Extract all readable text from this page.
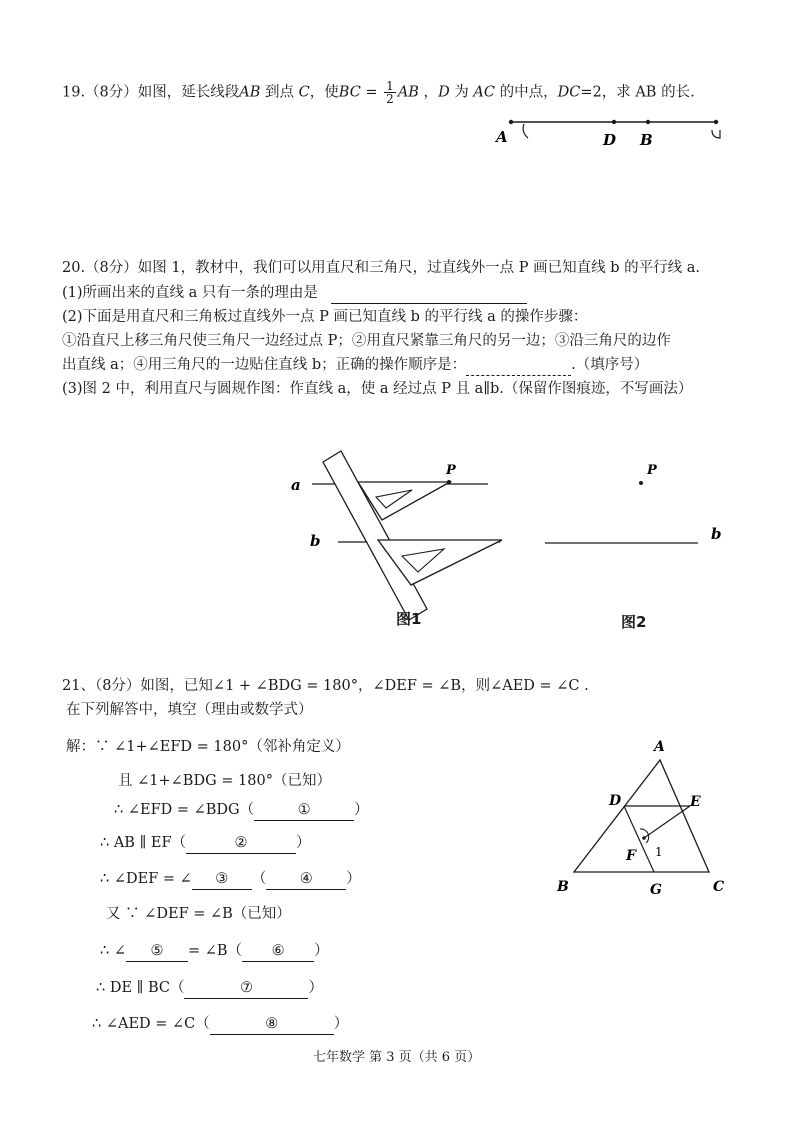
19.（8分）如图，延长线段AB 到点 C，使BC = $\frac{1}{2}$ AB ，D 为 AC 的中点，DC=2，求 AB 的长.
A	D B
20.（8分）如图 1，教材中，我们可以用直尺和三角尺，过直线外一点 P 画已知直线 b 的平行线 a.
(1)所画出来的直线 a 只有一条的理由是
(2)下面是用直尺和三角板过直线外一点 P 画已知直线 b 的平行线 a 的操作步骤：
①沿直尺上移三角尺使三角尺一边经过点 P；②用直尺紧靠三角尺的另一边；③沿三角尺的边作
出直线 a；④用三角尺的一边贴住直线 b；正确的操作顺序是：	.（填序号）
(3)图 2 中，利用直尺与圆规作图：作直线 a，使 a 经过点 P 且 a∥b.（保留作图痕迹，不写画法）
a
b
P
图1
P
b
图2
21、（8分）如图，已知∠1 + ∠BDG = 180°，∠DEF = ∠B，则∠AED = ∠C .
在下列解答中，填空（理由或数学式）
解：∵ ∠1+∠EFD = 180°（邻补角定义）
且 ∠1+∠BDG = 180°（已知）
∴ ∠EFD = ∠BDG（	①	）
∴ AB ∥ EF（	②	）
∴ ∠DEF = ∠ ③ （ ④ ）
又 ∵ ∠DEF = ∠B（已知）
∴ ∠ ⑤ = ∠B（ ⑥ ）
∴ DE ∥ BC（	⑦	）
∴ ∠AED = ∠C（	⑧	）
A
B	C
D	E
F
G
1
七年数学 第 3 页（共 6 页）
